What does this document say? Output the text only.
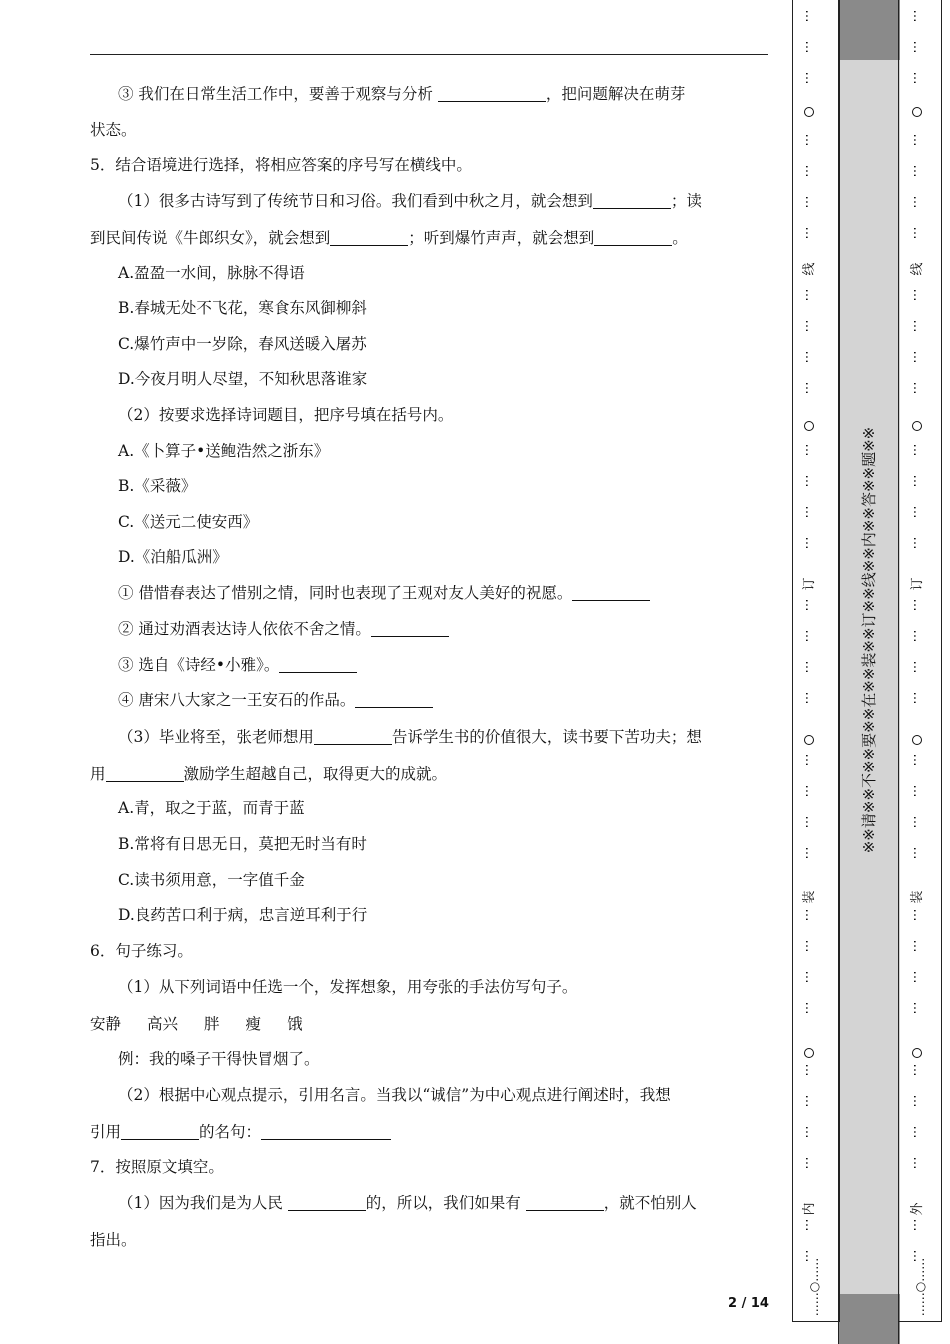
③ 我们在日常生活工作中，要善于观察与分析	，把问题解决在萌芽
状态。
5．结合语境进行选择，将相应答案的序号写在横线中。
（1）很多古诗写到了传统节日和习俗。我们看到中秋之月，就会想到	；读
到民间传说《牛郎织女》，就会想到	；听到爆竹声声，就会想到	。
A.盈盈一水间，脉脉不得语
B.春城无处不飞花，寒食东风御柳斜
C.爆竹声中一岁除，春风送暖入屠苏
D.今夜月明人尽望，不知秋思落谁家
（2）按要求选择诗词题目，把序号填在括号内。
A.《卜算子•送鲍浩然之浙东》
B.《采薇》
C.《送元二使安西》
D.《泊船瓜洲》
① 借惜春表达了惜别之情，同时也表现了王观对友人美好的祝愿。
② 通过劝酒表达诗人依依不舍之情。
③ 选自《诗经•小雅》。
④ 唐宋八大家之一王安石的作品。
（3）毕业将至，张老师想用	告诉学生书的价值很大，读书要下苦功夫；想
用	激励学生超越自己，取得更大的成就。
A.青，取之于蓝，而青于蓝
B.常将有日思无日，莫把无时当有时
C.读书须用意，一字值千金
D.良药苦口利于病，忠言逆耳利于行
6．句子练习。
（1）从下列词语中任选一个，发挥想象，用夸张的手法仿写句子。
安静 高兴 胖 瘦 饿
例：我的嗓子干得快冒烟了。
（2）根据中心观点提示，引用名言。当我以“诚信”为中心观点进行阐述时，我想
引用	的名句：
7．按照原文填空。
（1）因为我们是为人民	的，所以，我们如果有	，就不怕别人
指出。
2 / 14
※※请※※不※※要※※在※※装※※订※※线※※内※※答※※题※※
…
…
…
…
…
…
…
…
…
…
…
…
…
…
…
…
…
…
…
…
…
…
…
…
…
…
…
…
…
…
…
…
…
…
…
…
…
…
…
…
…
…
…
…
…
…
…
…
…
…
…
…
…
…
…
…
…
…
…
…
…
…
…
…
…
…
线
订
装
内
线
订
装
外
……○……	……○……
